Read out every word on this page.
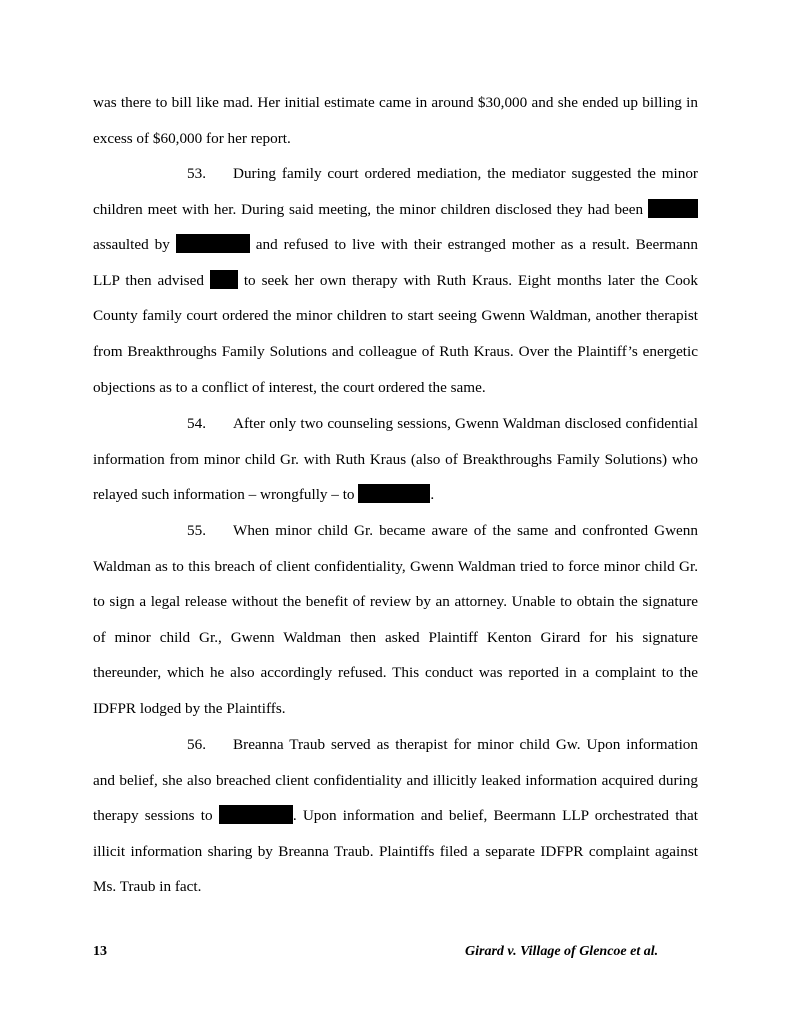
was there to bill like mad. Her initial estimate came in around $30,000 and she ended up billing in excess of $60,000 for her report.

53. During family court ordered mediation, the mediator suggested the minor children meet with her. During said meeting, the minor children disclosed they had been  assaulted by	and refused to live with their estranged mother as a result. Beermann LLP then advised  to seek her own therapy with Ruth Kraus. Eight months later the Cook County family court ordered the minor children to start seeing Gwenn Waldman, another therapist from Breakthroughs Family Solutions and colleague of Ruth Kraus. Over the Plaintiff’s energetic objections as to a conflict of interest, the court ordered the same.

54. After only two counseling sessions, Gwenn Waldman disclosed confidential information from minor child Gr. with Ruth Kraus (also of Breakthroughs Family Solutions) who relayed such information – wrongfully – to	.

55. When minor child Gr. became aware of the same and confronted Gwenn Waldman as to this breach of client confidentiality, Gwenn Waldman tried to force minor child Gr. to sign a legal release without the benefit of review by an attorney. Unable to obtain the signature of minor child Gr., Gwenn Waldman then asked Plaintiff Kenton Girard for his signature thereunder, which he also accordingly refused. This conduct was reported in a complaint to the IDFPR lodged by the Plaintiffs.

56. Breanna Traub served as therapist for minor child Gw. Upon information and belief, she also breached client confidentiality and illicitly leaked information acquired during therapy sessions to	. Upon information and belief, Beermann LLP orchestrated that illicit information sharing by Breanna Traub. Plaintiffs filed a separate IDFPR complaint against Ms. Traub in fact.

13	Girard v. Village of Glencoe et al.
